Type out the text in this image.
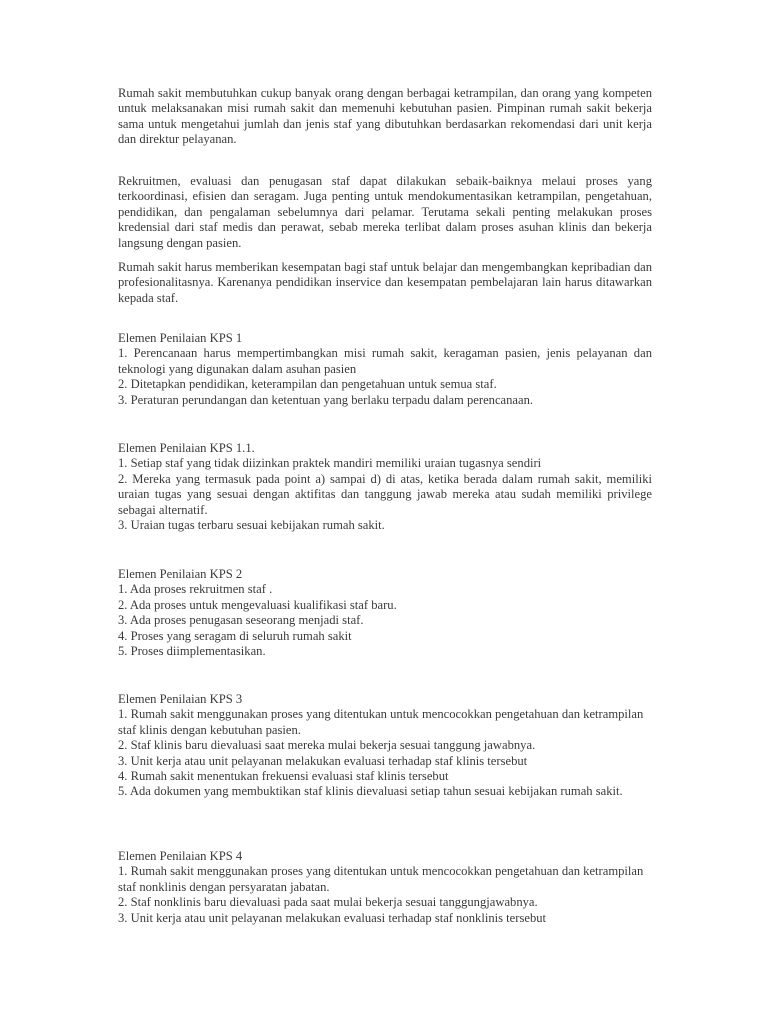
Rumah sakit membutuhkan cukup banyak orang dengan berbagai ketrampilan, dan orang yang kompeten untuk melaksanakan misi rumah sakit dan memenuhi kebutuhan pasien. Pimpinan rumah sakit bekerja sama untuk mengetahui jumlah dan jenis staf yang dibutuhkan berdasarkan rekomendasi dari unit kerja dan direktur pelayanan.

Rekruitmen, evaluasi dan penugasan staf dapat dilakukan sebaik-baiknya melaui proses yang terkoordinasi, efisien dan seragam. Juga penting untuk mendokumentasikan ketrampilan, pengetahuan, pendidikan, dan pengalaman sebelumnya dari pelamar. Terutama sekali penting melakukan proses kredensial dari staf medis dan perawat, sebab mereka terlibat dalam proses asuhan klinis dan bekerja langsung dengan pasien.

Rumah sakit harus memberikan kesempatan bagi staf untuk belajar dan mengembangkan kepribadian dan profesionalitasnya. Karenanya pendidikan inservice dan kesempatan pembelajaran lain harus ditawarkan kepada staf.

Elemen Penilaian KPS 1

1. Perencanaan harus mempertimbangkan misi rumah sakit, keragaman pasien, jenis pelayanan dan teknologi yang digunakan dalam asuhan pasien

2. Ditetapkan pendidikan, keterampilan dan pengetahuan untuk semua staf.

3. Peraturan perundangan dan ketentuan yang berlaku terpadu dalam perencanaan.

Elemen Penilaian KPS 1.1.

1. Setiap staf yang tidak diizinkan praktek mandiri memiliki uraian tugasnya sendiri

2. Mereka yang termasuk pada point a) sampai d) di atas, ketika berada dalam rumah sakit, memiliki uraian tugas yang sesuai dengan aktifitas dan tanggung jawab mereka atau sudah memiliki privilege sebagai alternatif.

3. Uraian tugas terbaru sesuai kebijakan rumah sakit.

Elemen Penilaian KPS 2

1. Ada proses rekruitmen staf .

2. Ada proses untuk mengevaluasi kualifikasi staf baru.

3. Ada proses penugasan seseorang menjadi staf.

4. Proses yang seragam di seluruh rumah sakit

5. Proses diimplementasikan.

Elemen Penilaian KPS 3

1. Rumah sakit menggunakan proses yang ditentukan untuk mencocokkan pengetahuan dan ketrampilan staf klinis dengan kebutuhan pasien.

2. Staf klinis baru dievaluasi saat mereka mulai bekerja sesuai tanggung jawabnya.

3. Unit kerja atau unit pelayanan melakukan evaluasi terhadap staf klinis tersebut

4. Rumah sakit menentukan frekuensi evaluasi staf klinis tersebut

5. Ada dokumen yang membuktikan staf klinis dievaluasi setiap tahun sesuai kebijakan rumah sakit.

Elemen Penilaian KPS 4

1. Rumah sakit menggunakan proses yang ditentukan untuk mencocokkan pengetahuan dan ketrampilan staf nonklinis dengan persyaratan jabatan.

2. Staf nonklinis baru dievaluasi pada saat mulai bekerja sesuai tanggungjawabnya.

3. Unit kerja atau unit pelayanan melakukan evaluasi terhadap staf nonklinis tersebut
